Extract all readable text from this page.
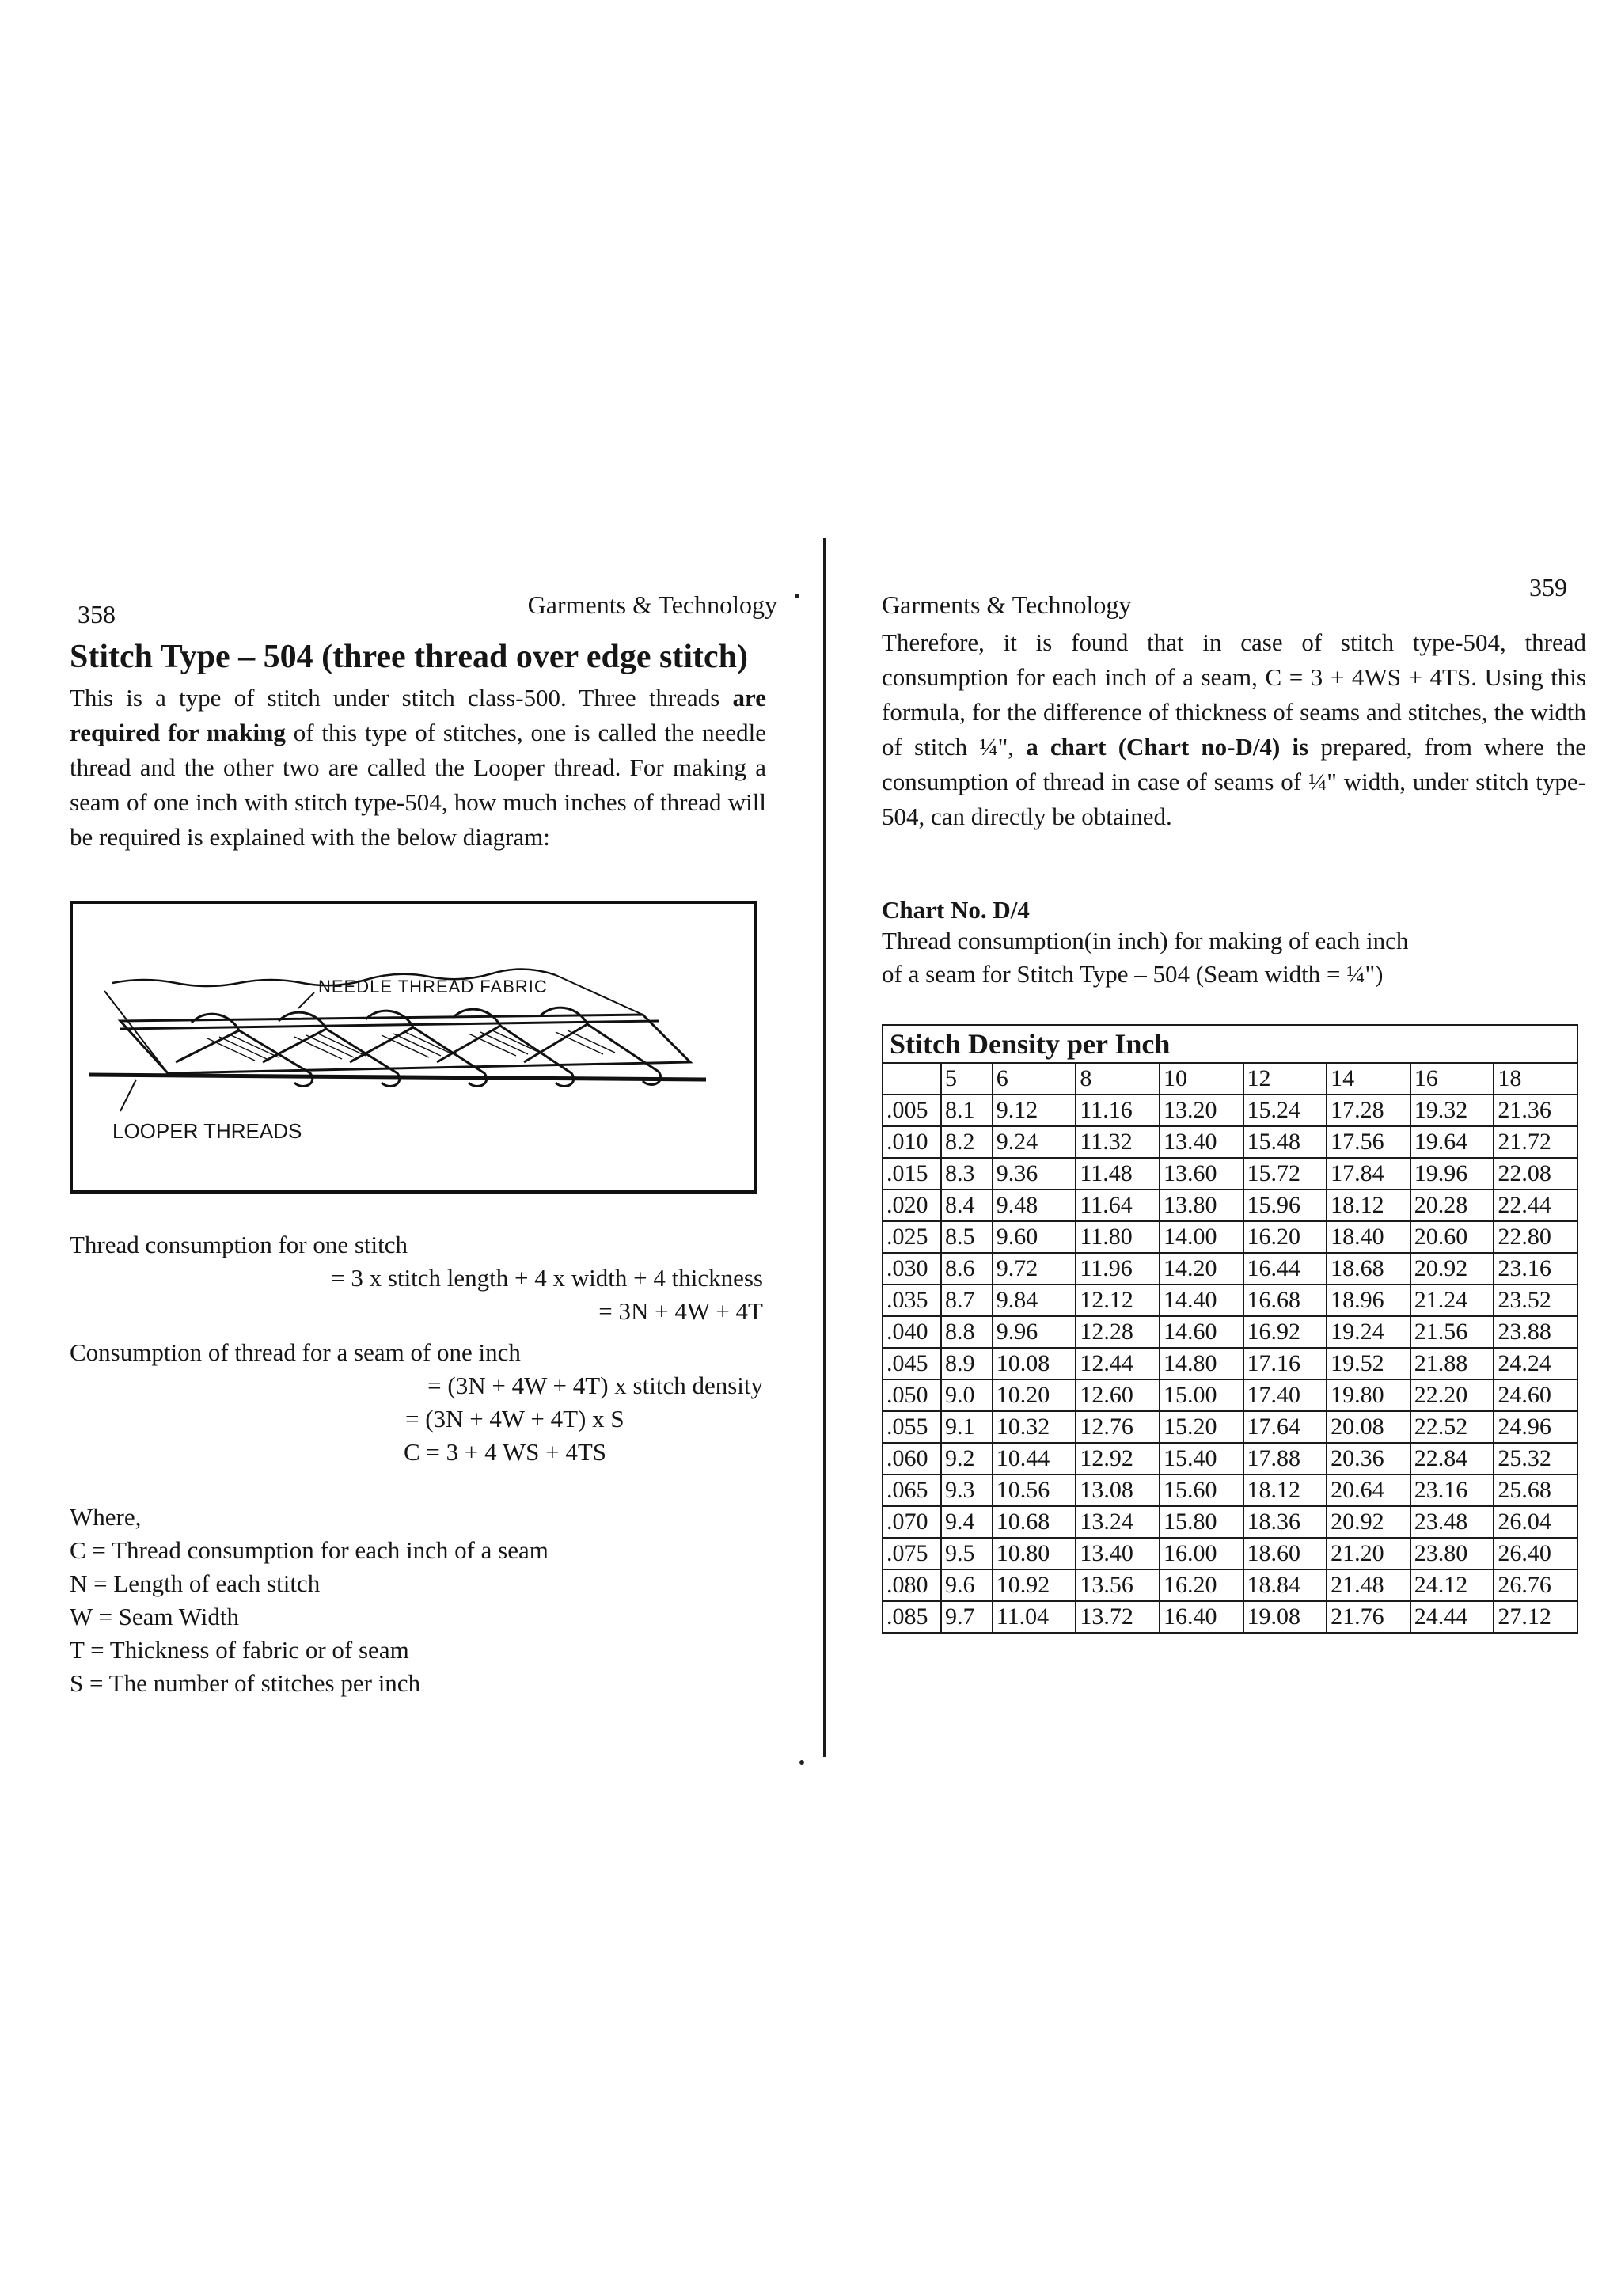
358	Garments & Technology
Stitch Type – 504 (three thread over edge stitch)

This is a type of stitch under stitch class-500. Three threads are required for making of this type of stitches, one is called the needle thread and the other two are called the Looper thread. For making a seam of one inch with stitch type-504, how much inches of thread will be required is explained with the below diagram:

NEEDLE THREAD FABRIC
LOOPER THREADS
Thread consumption for one stitch
= 3 x stitch length + 4 x width + 4 thickness
= 3N + 4W + 4T
Consumption of thread for a seam of one inch
= (3N + 4W + 4T) x stitch density
= (3N + 4W + 4T) x S
C = 3 + 4 WS + 4TS
Where,
C = Thread consumption for each inch of a seam
N = Length of each stitch
W = Seam Width
T = Thickness of fabric or of seam
S = The number of stitches per inch
Garments & Technology
359

Therefore, it is found that in case of stitch type-504, thread consumption for each inch of a seam, C = 3 + 4WS + 4TS. Using this formula, for the difference of thickness of seams and stitches, the width of stitch ¼", a chart (Chart no-D/4) is prepared, from where the consumption of thread in case of seams of ¼" width, under stitch type-504, can directly be obtained.

Chart No. D/4
Thread consumption(in inch) for making of each inch
of a seam for Stitch Type – 504 (Seam width = ¼")
Stitch Density per Inch								
	5	6	8	10	12	14	16	18
.005	8.1	9.12	11.16	13.20	15.24	17.28	19.32	21.36
.010	8.2	9.24	11.32	13.40	15.48	17.56	19.64	21.72
.015	8.3	9.36	11.48	13.60	15.72	17.84	19.96	22.08
.020	8.4	9.48	11.64	13.80	15.96	18.12	20.28	22.44
.025	8.5	9.60	11.80	14.00	16.20	18.40	20.60	22.80
.030	8.6	9.72	11.96	14.20	16.44	18.68	20.92	23.16
.035	8.7	9.84	12.12	14.40	16.68	18.96	21.24	23.52
.040	8.8	9.96	12.28	14.60	16.92	19.24	21.56	23.88
.045	8.9	10.08	12.44	14.80	17.16	19.52	21.88	24.24
.050	9.0	10.20	12.60	15.00	17.40	19.80	22.20	24.60
.055	9.1	10.32	12.76	15.20	17.64	20.08	22.52	24.96
.060	9.2	10.44	12.92	15.40	17.88	20.36	22.84	25.32
.065	9.3	10.56	13.08	15.60	18.12	20.64	23.16	25.68
.070	9.4	10.68	13.24	15.80	18.36	20.92	23.48	26.04
.075	9.5	10.80	13.40	16.00	18.60	21.20	23.80	26.40
.080	9.6	10.92	13.56	16.20	18.84	21.48	24.12	26.76
.085	9.7	11.04	13.72	16.40	19.08	21.76	24.44	27.12
